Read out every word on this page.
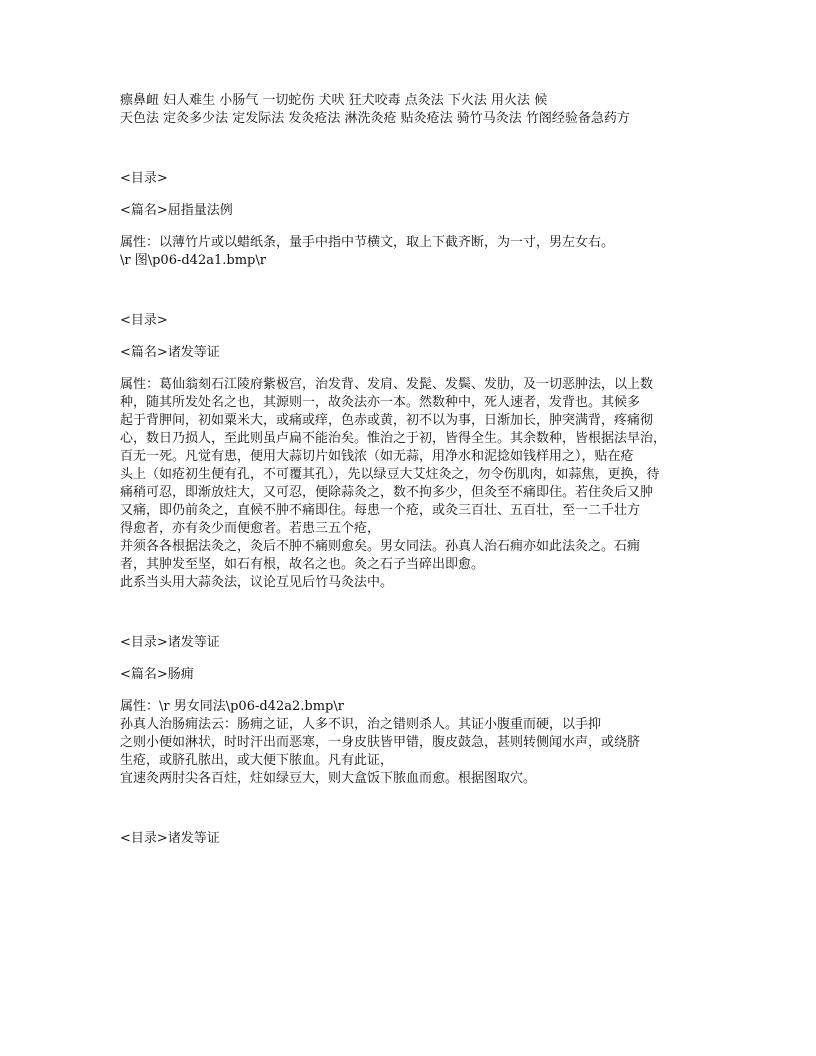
瘭鼻衄 妇人难生 小肠气 一切蛇伤 犬吠 狂犬咬毒 点灸法 下火法 用火法 候
天色法 定灸多少法 定发际法 发灸疮法 淋洗灸疮 贴灸疮法 骑竹马灸法 竹阁经验备急药方
<目录>
<篇名>屈指量法例
属性：以薄竹片或以蜡纸条，量手中指中节横文，取上下截齐断，为一寸，男左女右。
\r 图\p06-d42a1.bmp\r
<目录>
<篇名>诸发等证
属性：葛仙翁刻石江陵府紫极宫，治发背、发肩、发髭、发鬓、发肋，及一切恶肿法，以上数
种，随其所发处名之也，其源则一，故灸法亦一本。然数种中，死人速者，发背也。其候多
起于背胛间，初如粟米大，或痛或痒，色赤或黄，初不以为事，日渐加长，肿突满背，疼痛彻
心，数日乃损人，至此则虽卢扁不能治矣。惟治之于初，皆得全生。其余数种，皆根据法早治，
百无一死。凡觉有患，便用大蒜切片如钱浓（如无蒜，用净水和泥捻如钱样用之），贴在疮
头上（如疮初生便有孔，不可覆其孔），先以绿豆大艾炷灸之，勿令伤肌肉，如蒜焦，更换，待
痛稍可忍，即渐放炷大，又可忍，便除蒜灸之，数不拘多少，但灸至不痛即住。若住灸后又肿
又痛，即仍前灸之，直候不肿不痛即住。每患一个疮，或灸三百壮、五百壮，至一二千壮方
得愈者，亦有灸少而便愈者。若患三五个疮，
并须各各根据法灸之，灸后不肿不痛则愈矣。男女同法。孙真人治石痈亦如此法灸之。石痈
者，其肿发至坚，如石有根，故名之也。灸之石子当碎出即愈。
此系当头用大蒜灸法，议论互见后竹马灸法中。
<目录>诸发等证
<篇名>肠痈
属性：\r 男女同法\p06-d42a2.bmp\r
孙真人治肠痈法云：肠痈之证，人多不识，治之错则杀人。其证小腹重而硬，以手抑
之则小便如淋状，时时汗出而恶寒，一身皮肤皆甲错，腹皮鼓急，甚则转侧闻水声，或绕脐
生疮，或脐孔脓出，或大便下脓血。凡有此证，
宜速灸两肘尖各百炷，炷如绿豆大，则大盒饭下脓血而愈。根据图取穴。
<目录>诸发等证
